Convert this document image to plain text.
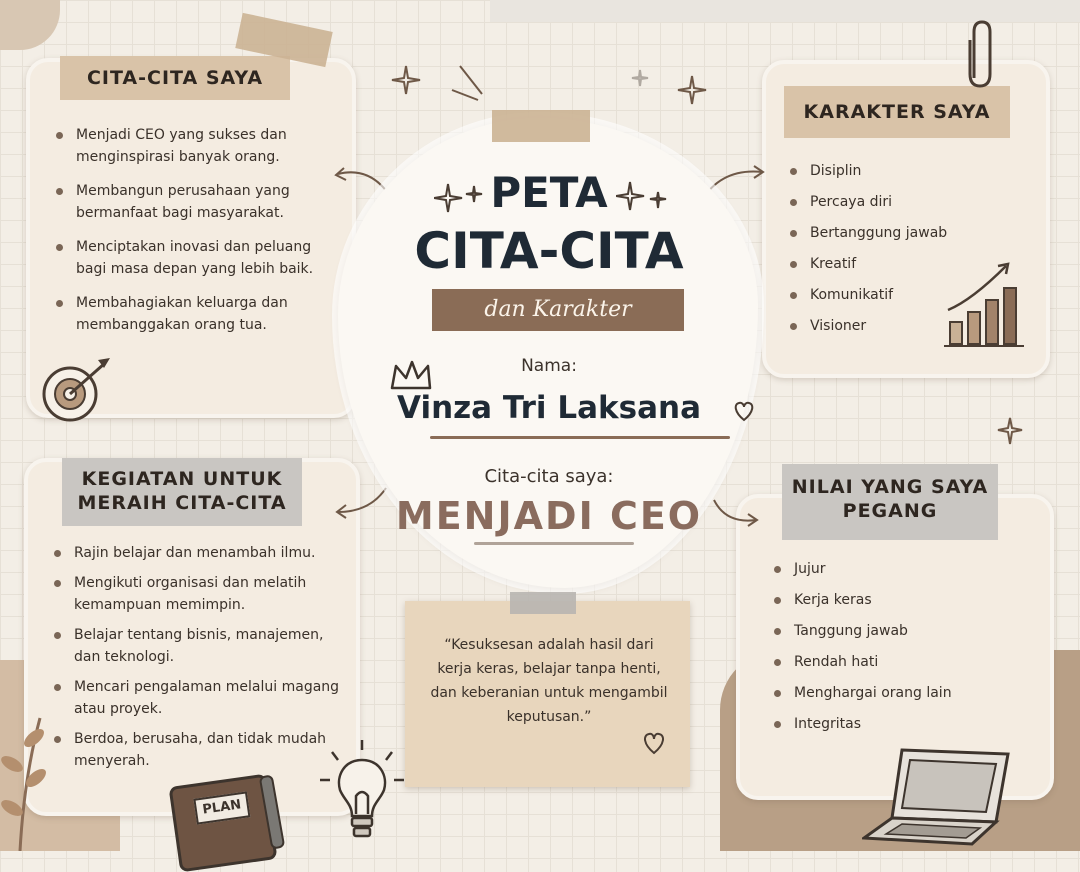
CITA-CITA SAYA
Menjadi CEO yang sukses dan menginspirasi banyak orang.
Membangun perusahaan yang bermanfaat bagi masyarakat.
Menciptakan inovasi dan peluang bagi masa depan yang lebih baik.
Membahagiakan keluarga dan membanggakan orang tua.
KARAKTER SAYA
Disiplin
Percaya diri
Bertanggung jawab
Kreatif
Komunikatif
Visioner
KEGIATAN UNTUK MERAIH CITA-CITA
Rajin belajar dan menambah ilmu.
Mengikuti organisasi dan melatih kemampuan memimpin.
Belajar tentang bisnis, manajemen, dan teknologi.
Mencari pengalaman melalui magang atau proyek.
Berdoa, berusaha, dan tidak mudah menyerah.
NILAI YANG SAYA PEGANG
Jujur
Kerja keras
Tanggung jawab
Rendah hati
Menghargai orang lain
Integritas
PETA
CITA-CITA
dan Karakter
Nama:
Vinza Tri Laksana
Cita-cita saya:
MENJADI CEO
“Kesuksesan adalah hasil dari kerja keras, belajar tanpa henti, dan keberanian untuk mengambil keputusan.”
PLAN
